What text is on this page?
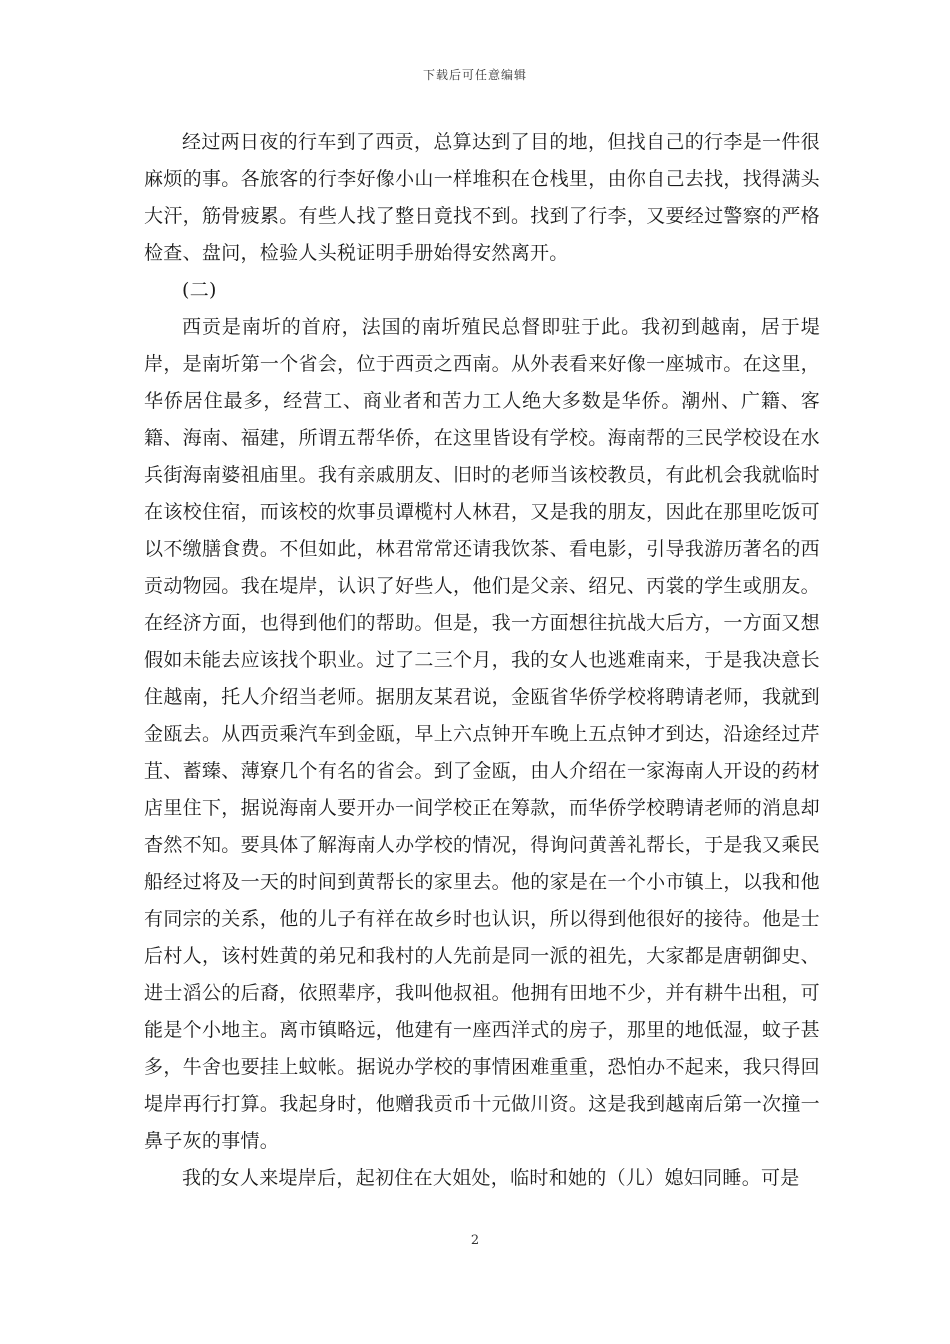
下载后可任意编辑

经过两日夜的行车到了西贡，总算达到了目的地，但找自己的行李是一件很麻烦的事。各旅客的行李好像小山一样堆积在仓栈里，由你自己去找，找得满头大汗，筋骨疲累。有些人找了整日竟找不到。找到了行李，又要经过警察的严格检查、盘问，检验人头税证明手册始得安然离开。

(二)

西贡是南圻的首府，法国的南圻殖民总督即驻于此。我初到越南，居于堤岸，是南圻第一个省会，位于西贡之西南。从外表看来好像一座城市。在这里，华侨居住最多，经营工、商业者和苦力工人绝大多数是华侨。潮州、广籍、客籍、海南、福建，所谓五帮华侨，在这里皆设有学校。海南帮的三民学校设在水兵街海南婆祖庙里。我有亲戚朋友、旧时的老师当该校教员，有此机会我就临时在该校住宿，而该校的炊事员谭榄村人林君，又是我的朋友，因此在那里吃饭可以不缴膳食费。不但如此，林君常常还请我饮茶、看电影，引导我游历著名的西贡动物园。我在堤岸，认识了好些人，他们是父亲、绍兄、丙裳的学生或朋友。在经济方面，也得到他们的帮助。但是，我一方面想往抗战大后方，一方面又想假如未能去应该找个职业。过了二三个月，我的女人也逃难南来，于是我决意长住越南，托人介绍当老师。据朋友某君说，金瓯省华侨学校将聘请老师，我就到金瓯去。从西贡乘汽车到金瓯，早上六点钟开车晚上五点钟才到达，沿途经过芹苴、蓄臻、薄寮几个有名的省会。到了金瓯，由人介绍在一家海南人开设的药材店里住下，据说海南人要开办一间学校正在筹款，而华侨学校聘请老师的消息却杳然不知。要具体了解海南人办学校的情况，得询问黄善礼帮长，于是我又乘民船经过将及一天的时间到黄帮长的家里去。他的家是在一个小市镇上，以我和他有同宗的关系，他的儿子有祥在故乡时也认识，所以得到他很好的接待。他是士后村人，该村姓黄的弟兄和我村的人先前是同一派的祖先，大家都是唐朝御史、进士滔公的后裔，依照辈序，我叫他叔祖。他拥有田地不少，并有耕牛出租，可能是个小地主。离市镇略远，他建有一座西洋式的房子，那里的地低湿，蚊子甚多，牛舍也要挂上蚊帐。据说办学校的事情困难重重，恐怕办不起来，我只得回堤岸再行打算。我起身时，他赠我贡币十元做川资。这是我到越南后第一次撞一鼻子灰的事情。

我的女人来堤岸后，起初住在大姐处，临时和她的（儿）媳妇同睡。可是

2
